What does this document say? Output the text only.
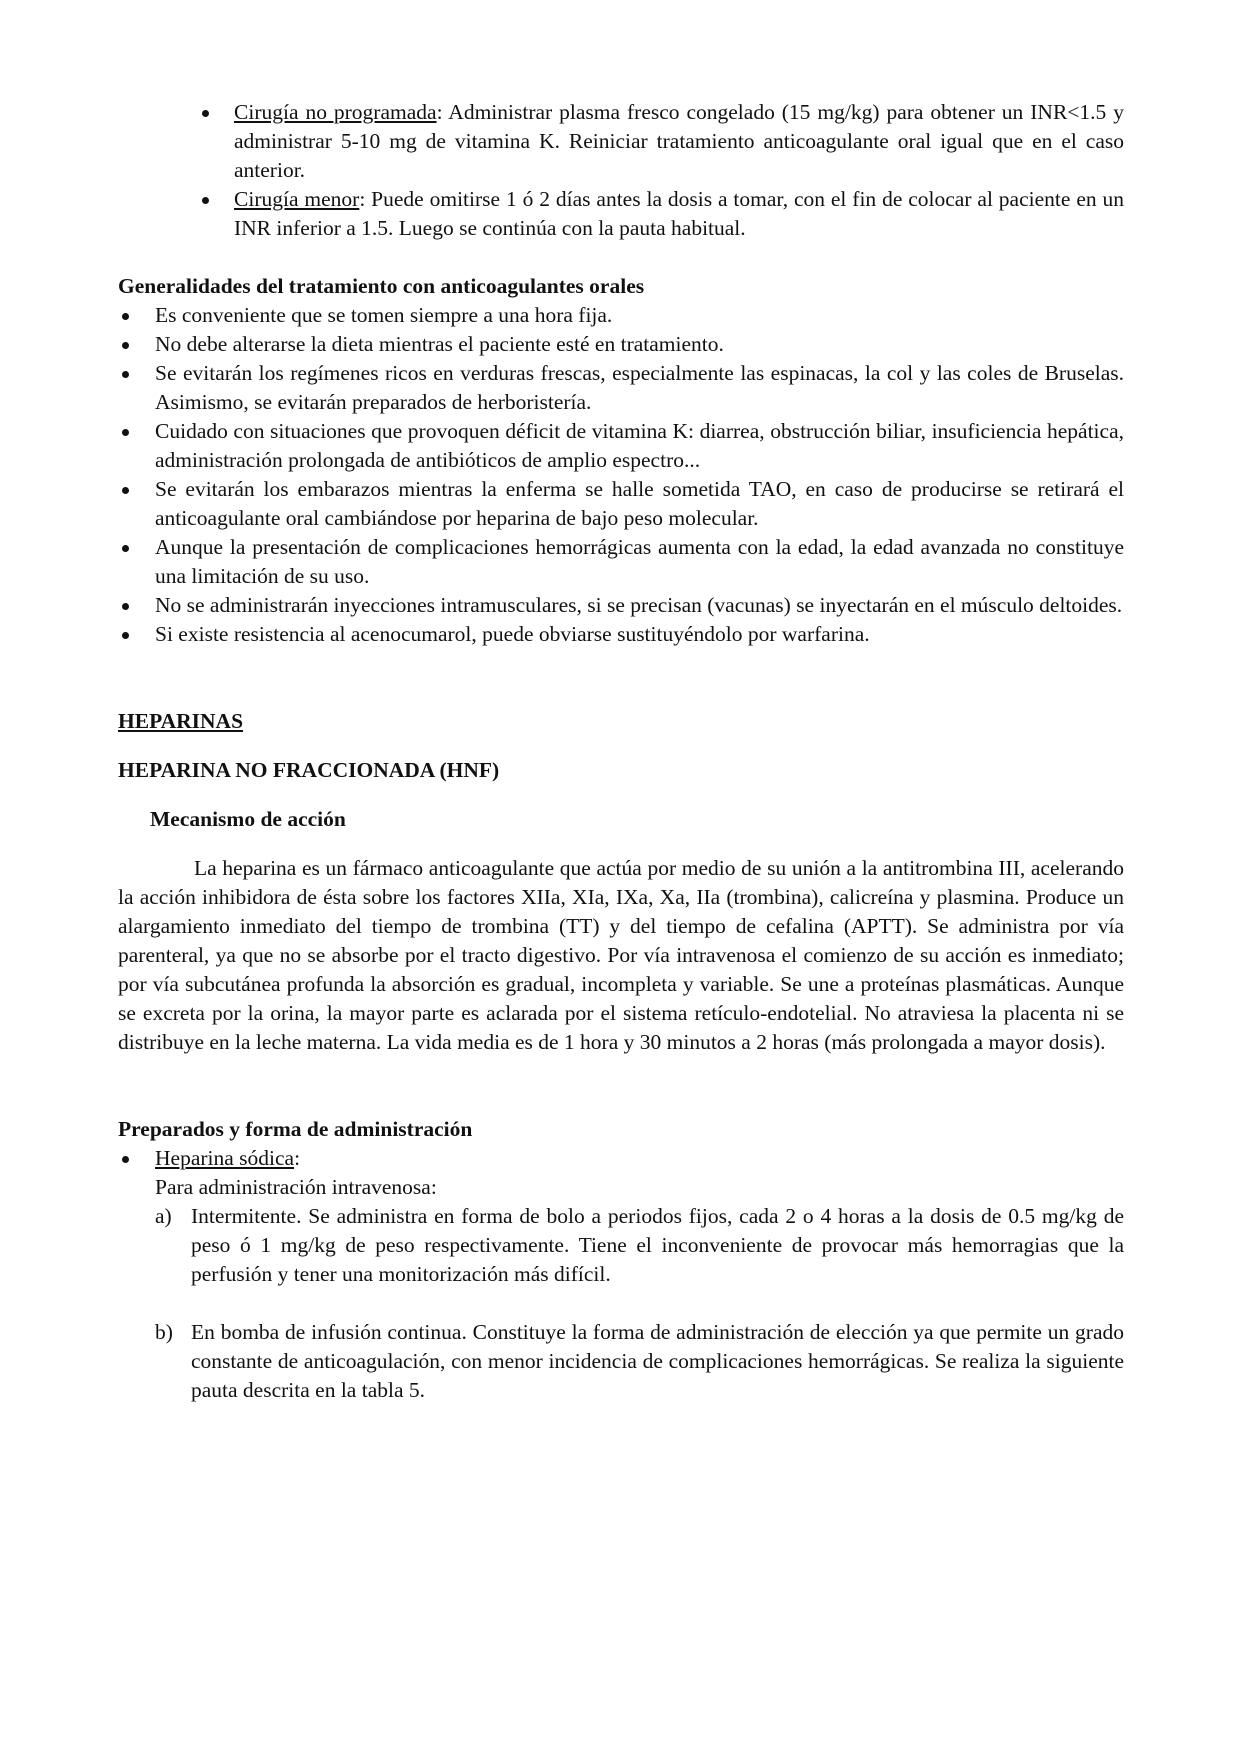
Cirugía no programada: Administrar plasma fresco congelado (15 mg/kg) para obtener un INR<1.5 y administrar 5-10 mg de vitamina K. Reiniciar tratamiento anticoagulante oral igual que en el caso anterior.
Cirugía menor: Puede omitirse 1 ó 2 días antes la dosis a tomar, con el fin de colocar al paciente en un INR inferior a 1.5. Luego se continúa con la pauta habitual.

Generalidades del tratamiento con anticoagulantes orales

Es conveniente que se tomen siempre a una hora fija.
No debe alterarse la dieta mientras el paciente esté en tratamiento.
Se evitarán los regímenes ricos en verduras frescas, especialmente las espinacas, la col y las coles de Bruselas. Asimismo, se evitarán preparados de herboristería.
Cuidado con situaciones que provoquen déficit de vitamina K: diarrea, obstrucción biliar, insuficiencia hepática, administración prolongada de antibióticos de amplio espectro...
Se evitarán los embarazos mientras la enferma se halle sometida TAO, en caso de producirse se retirará el anticoagulante oral cambiándose por heparina de bajo peso molecular.
Aunque la presentación de complicaciones hemorrágicas aumenta con la edad, la edad avanzada no constituye una limitación de su uso.
No se administrarán inyecciones intramusculares, si se precisan (vacunas) se inyectarán en el músculo deltoides.
Si existe resistencia al acenocumarol, puede obviarse sustituyéndolo por warfarina.

HEPARINAS

HEPARINA NO FRACCIONADA (HNF)

Mecanismo de acción

La heparina es un fármaco anticoagulante que actúa por medio de su unión a la antitrombina III, acelerando la acción inhibidora de ésta sobre los factores XIIa, XIa, IXa, Xa, IIa (trombina), calicreína y plasmina. Produce un alargamiento inmediato del tiempo de trombina (TT) y del tiempo de cefalina (APTT). Se administra por vía parenteral, ya que no se absorbe por el tracto digestivo. Por vía intravenosa el comienzo de su acción es inmediato; por vía subcutánea profunda la absorción es gradual, incompleta y variable. Se une a proteínas plasmáticas. Aunque se excreta por la orina, la mayor parte es aclarada por el sistema retículo-endotelial. No atraviesa la placenta ni se distribuye en la leche materna. La vida media es de 1 hora y 30 minutos a 2 horas (más prolongada a mayor dosis).

Preparados y forma de administración

Heparina sódica:
Para administración intravenosa:
a) Intermitente. Se administra en forma de bolo a periodos fijos, cada 2 o 4 horas a la dosis de 0.5 mg/kg de peso ó 1 mg/kg de peso respectivamente. Tiene el inconveniente de provocar más hemorragias que la perfusión y tener una monitorización más difícil.
b) En bomba de infusión continua. Constituye la forma de administración de elección ya que permite un grado constante de anticoagulación, con menor incidencia de complicaciones hemorrágicas. Se realiza la siguiente pauta descrita en la tabla 5.
